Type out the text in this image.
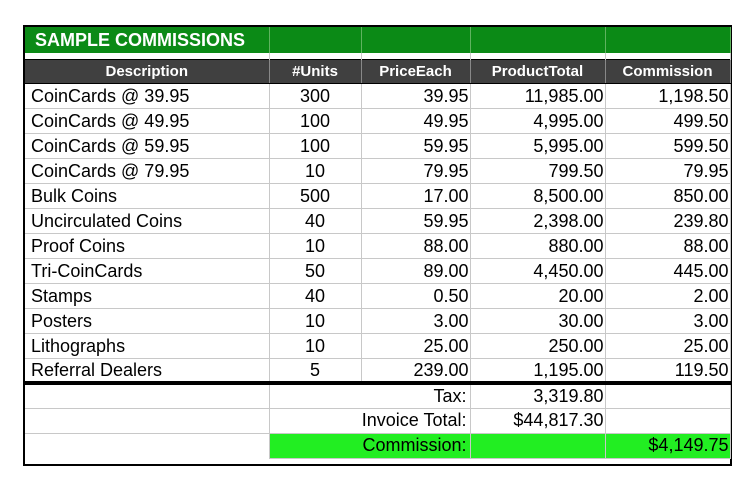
SAMPLE COMMISSIONS				

Description	#Units	PriceEach	ProductTotal	Commission
CoinCards @ 39.95	300	39.95	11,985.00	1,198.50
CoinCards @ 49.95	100	49.95	4,995.00	499.50
CoinCards @ 59.95	100	59.95	5,995.00	599.50
CoinCards @ 79.95	10	79.95	799.50	79.95
Bulk Coins	500	17.00	8,500.00	850.00
Uncirculated Coins	40	59.95	2,398.00	239.80
Proof Coins	10	88.00	880.00	88.00
Tri-CoinCards	50	89.00	4,450.00	445.00
Stamps	40	0.50	20.00	2.00
Posters	10	3.00	30.00	3.00
Lithographs	10	25.00	250.00	25.00
Referral Dealers	5	239.00	1,195.00	119.50
	Tax:		3,319.80	
	Invoice Total:		$44,817.30	
	Commission:			$4,149.75
